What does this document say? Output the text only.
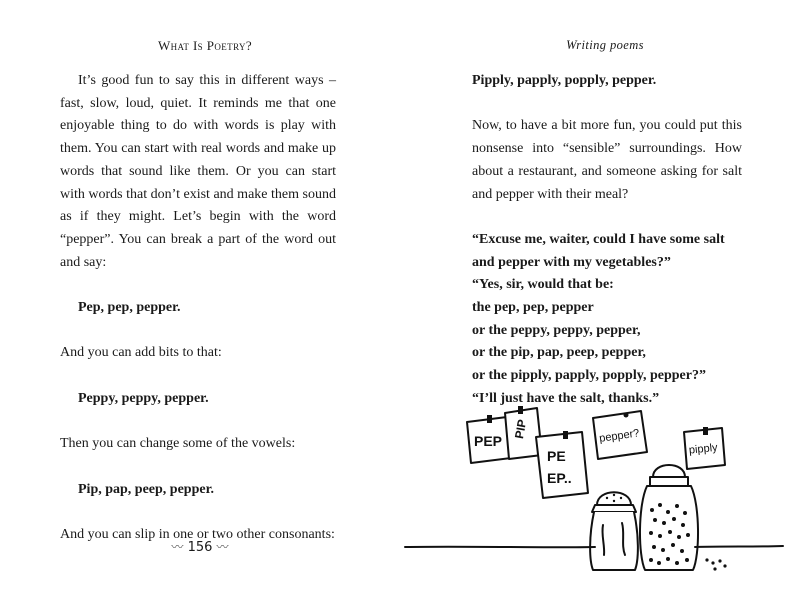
What Is Poetry?

It’s good fun to say this in different ways – fast, slow, loud, quiet. It reminds me that one enjoyable thing to do with words is play with them. You can start with real words and make up words that sound like them. Or you can start with words that don’t exist and make them sound as if they might. Let’s begin with the word “pepper”. You can break a part of the word out and say:

Pep, pep, pepper.

And you can add bits to that:

Peppy, peppy, pepper.

Then you can change some of the vowels:

Pip, pap, peep, pepper.

And you can slip in one or two other consonants:

〰 156 〰
Writing poems

Pipply, papply, popply, pepper.

Now, to have a bit more fun, you could put this nonsense into “sensible” surroundings. How about a restaurant, and someone asking for salt and pepper with their meal?

“Excuse me, waiter, could I have some salt
and pepper with my vegetables?”
“Yes, sir, would that be:
the pep, pep, pepper
or the peppy, peppy, pepper,
or the pip, pap, peep, pepper,
or the pipply, papply, popply, pepper?”
“I’ll just have the salt, thanks.”
PEP
PIP
PE
EP..
pepper?
pipply
